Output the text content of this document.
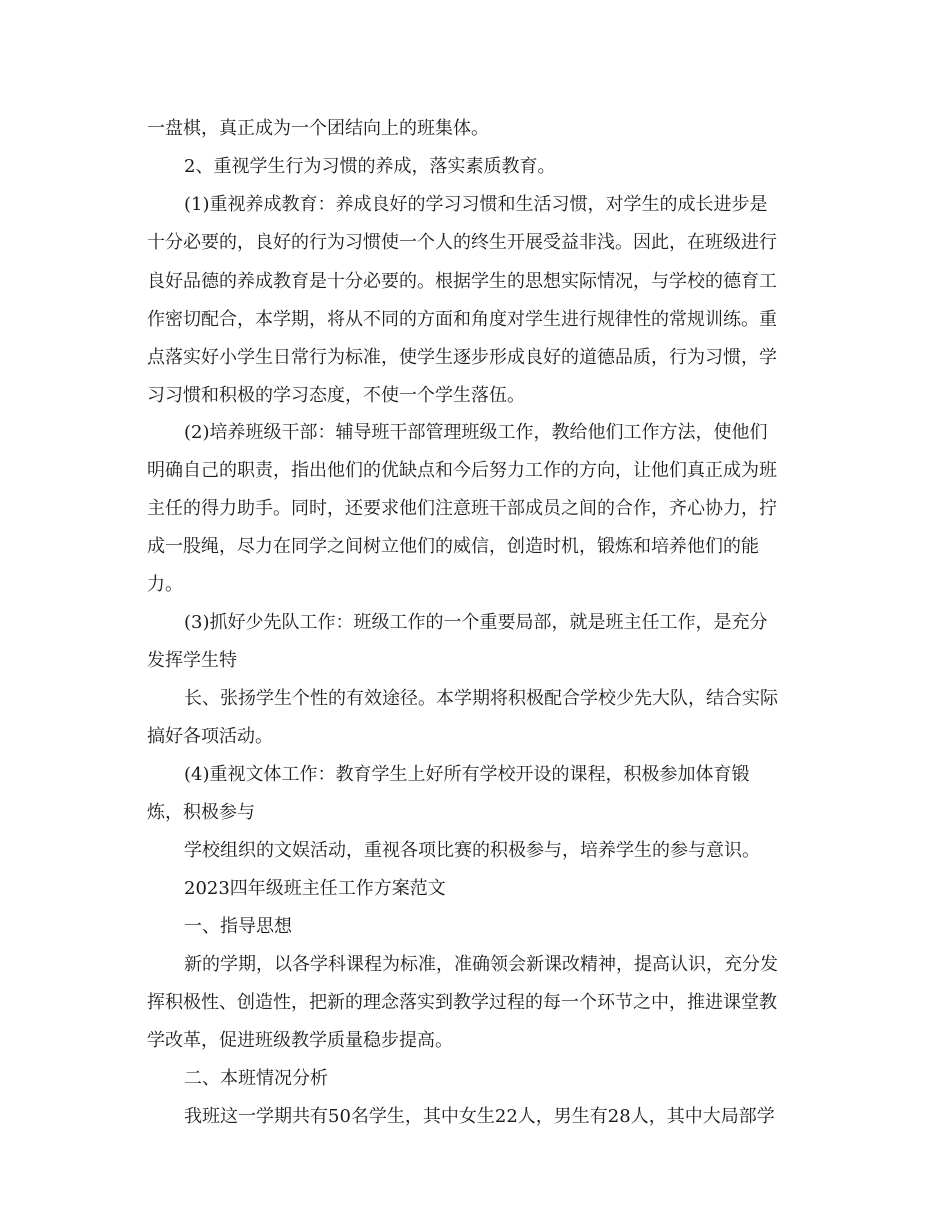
一盘棋，真正成为一个团结向上的班集体。
2、重视学生行为习惯的养成，落实素质教育。
(1)重视养成教育：养成良好的学习习惯和生活习惯，对学生的成长进步是
十分必要的，良好的行为习惯使一个人的终生开展受益非浅。因此，在班级进行
良好品德的养成教育是十分必要的。根据学生的思想实际情况，与学校的德育工
作密切配合，本学期，将从不同的方面和角度对学生进行规律性的常规训练。重
点落实好小学生日常行为标准，使学生逐步形成良好的道德品质，行为习惯，学
习习惯和积极的学习态度，不使一个学生落伍。
(2)培养班级干部：辅导班干部管理班级工作，教给他们工作方法，使他们
明确自己的职责，指出他们的优缺点和今后努力工作的方向，让他们真正成为班
主任的得力助手。同时，还要求他们注意班干部成员之间的合作，齐心协力，拧
成一股绳，尽力在同学之间树立他们的威信，创造时机，锻炼和培养他们的能
力。
(3)抓好少先队工作：班级工作的一个重要局部，就是班主任工作，是充分
发挥学生特
长、张扬学生个性的有效途径。本学期将积极配合学校少先大队，结合实际
搞好各项活动。
(4)重视文体工作：教育学生上好所有学校开设的课程，积极参加体育锻
炼，积极参与
学校组织的文娱活动，重视各项比赛的积极参与，培养学生的参与意识。
2023四年级班主任工作方案范文
一、指导思想
新的学期，以各学科课程为标准，准确领会新课改精神，提高认识，充分发
挥积极性、创造性，把新的理念落实到教学过程的每一个环节之中，推进课堂教
学改革，促进班级教学质量稳步提高。
二、本班情况分析
我班这一学期共有50名学生，其中女生22人，男生有28人，其中大局部学
